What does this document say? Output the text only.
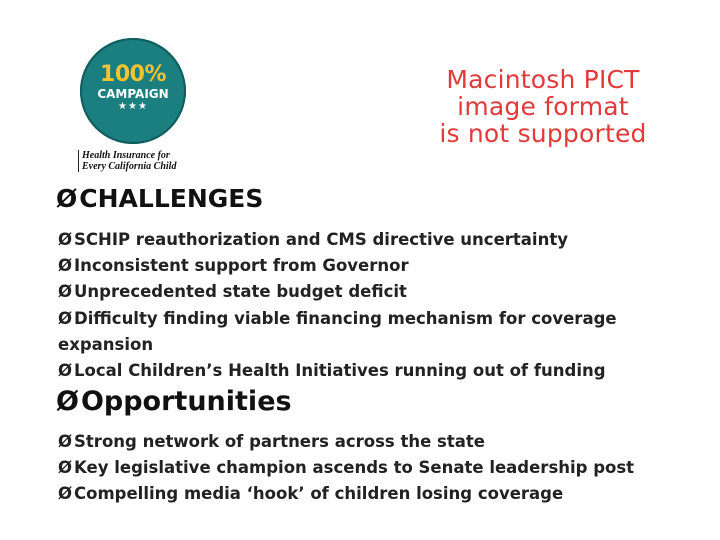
100%
CAMPAIGN
★★★
Health Insurance for
Every California Child
Macintosh PICT
image format
is not supported
ØCHALLENGES
Ø SCHIP reauthorization and CMS directive uncertainty
Ø Inconsistent support from Governor
Ø Unprecedented state budget deficit
Ø Difficulty finding viable financing mechanism for coverage expansion
Ø Local Children’s Health Initiatives running out of funding
ØOpportunities
Ø Strong network of partners across the state
Ø Key legislative champion ascends to Senate leadership post
Ø Compelling media ‘hook’ of children losing coverage
